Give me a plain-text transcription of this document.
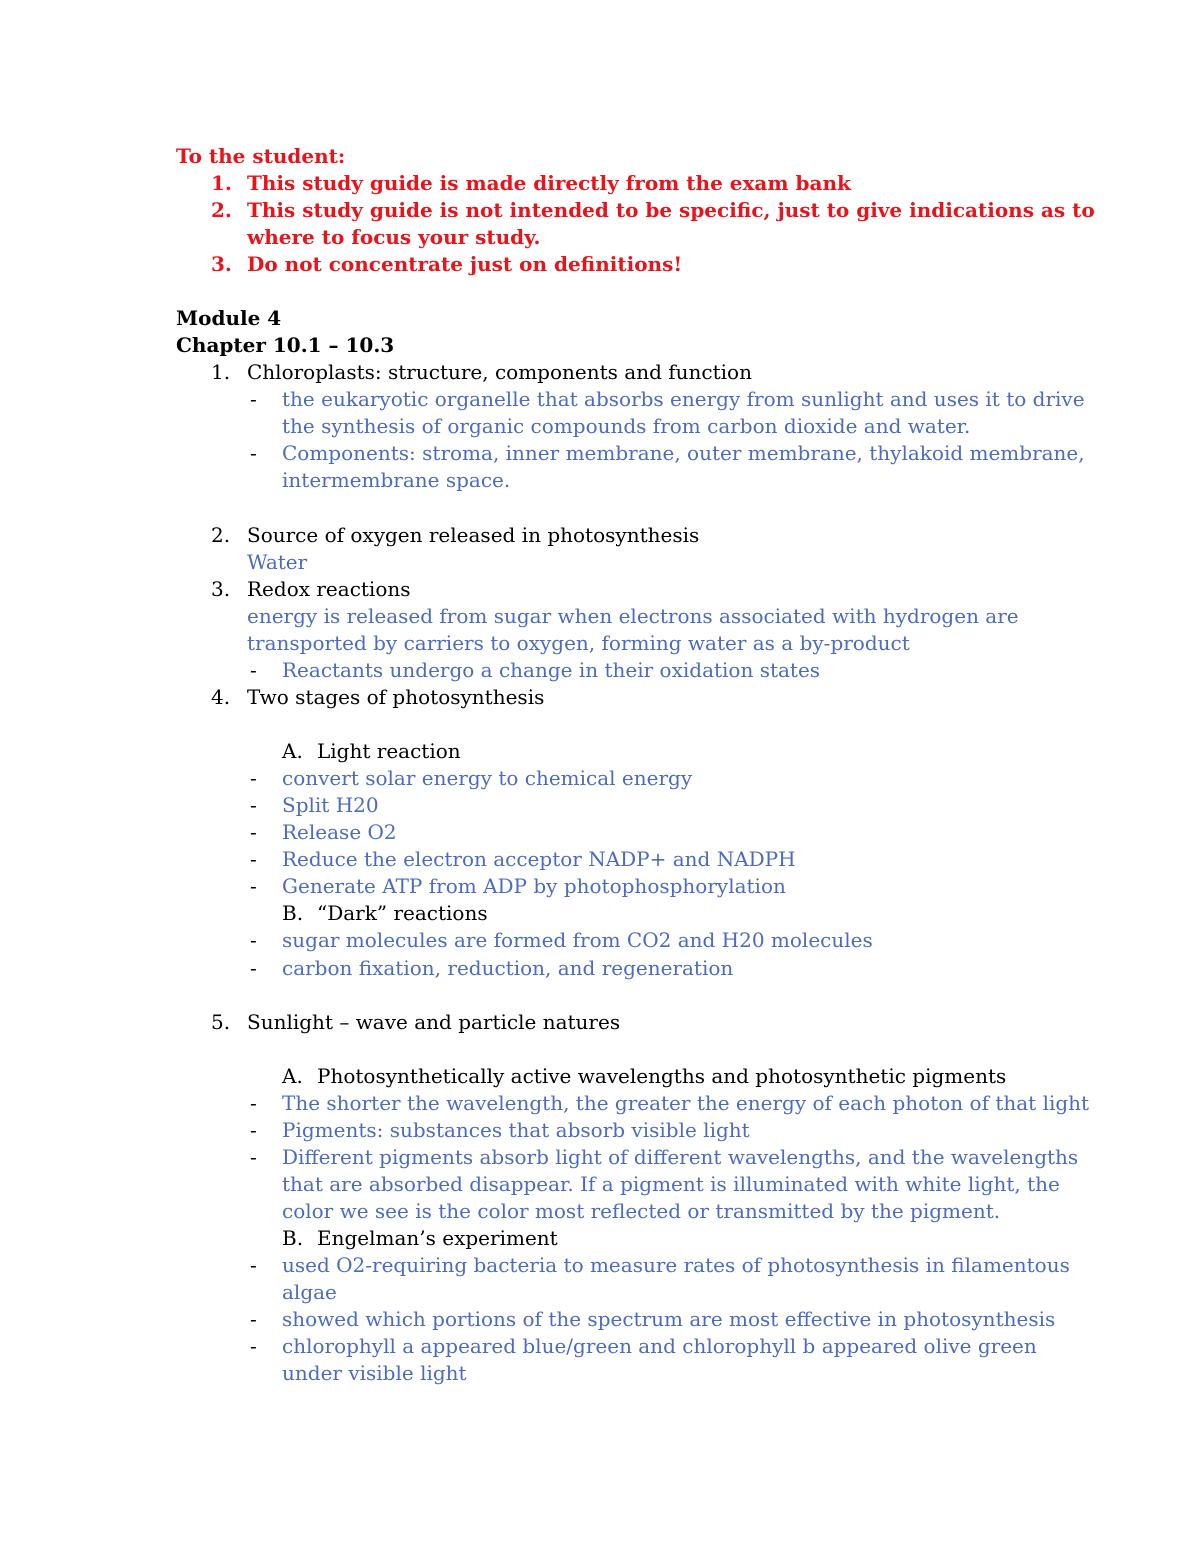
To the student:
1. This study guide is made directly from the exam bank
2. This study guide is not intended to be specific, just to give indications as to
where to focus your study.
3. Do not concentrate just on definitions!
Module 4
Chapter 10.1 – 10.3
1. Chloroplasts: structure, components and function
- the eukaryotic organelle that absorbs energy from sunlight and uses it to drive
the synthesis of organic compounds from carbon dioxide and water.
- Components: stroma, inner membrane, outer membrane, thylakoid membrane,
intermembrane space.
2. Source of oxygen released in photosynthesis
Water
3. Redox reactions
energy is released from sugar when electrons associated with hydrogen are
transported by carriers to oxygen, forming water as a by-product
- Reactants undergo a change in their oxidation states
4. Two stages of photosynthesis
A. Light reaction
- convert solar energy to chemical energy
- Split H20
- Release O2
- Reduce the electron acceptor NADP+ and NADPH
- Generate ATP from ADP by photophosphorylation
B. “Dark” reactions
- sugar molecules are formed from CO2 and H20 molecules
- carbon fixation, reduction, and regeneration
5. Sunlight – wave and particle natures
A. Photosynthetically active wavelengths and photosynthetic pigments
- The shorter the wavelength, the greater the energy of each photon of that light
- Pigments: substances that absorb visible light
- Different pigments absorb light of different wavelengths, and the wavelengths
that are absorbed disappear. If a pigment is illuminated with white light, the
color we see is the color most reflected or transmitted by the pigment.
B. Engelman’s experiment
- used O2-requiring bacteria to measure rates of photosynthesis in filamentous
algae
- showed which portions of the spectrum are most effective in photosynthesis
- chlorophyll a appeared blue/green and chlorophyll b appeared olive green
under visible light
